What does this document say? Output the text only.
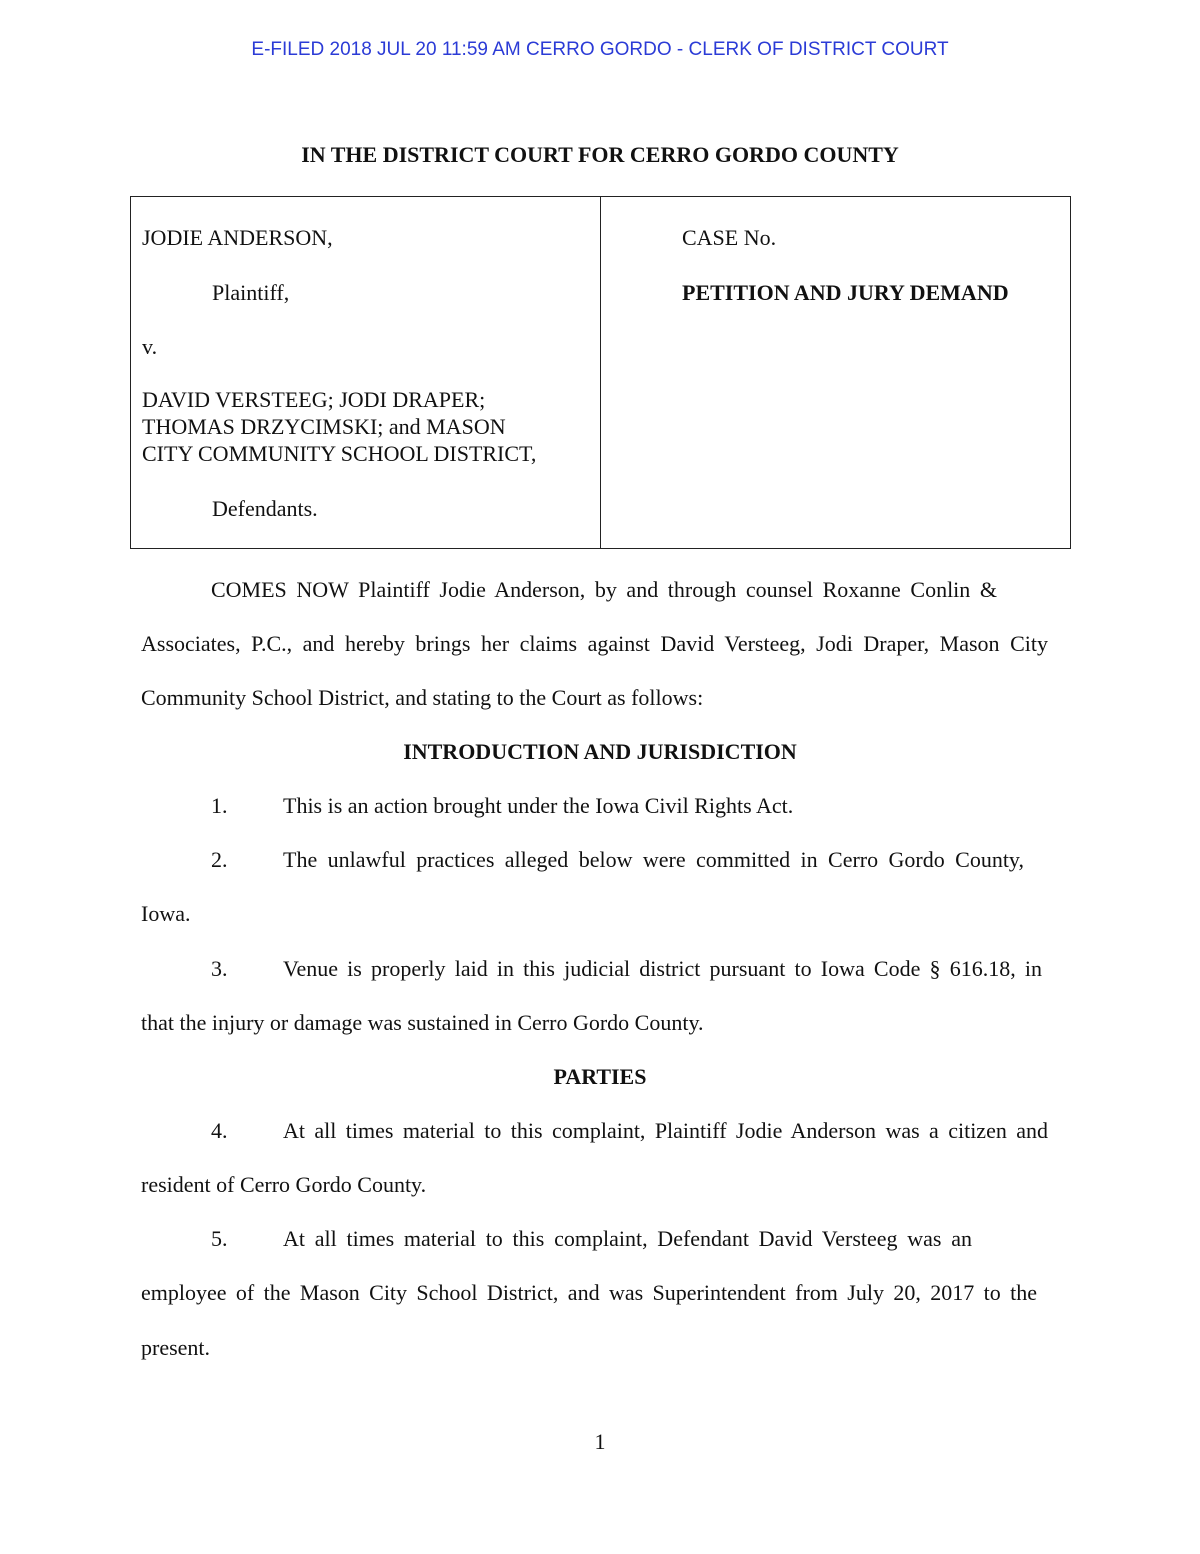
E-FILED 2018 JUL 20 11:59 AM CERRO GORDO - CLERK OF DISTRICT COURT
IN THE DISTRICT COURT FOR CERRO GORDO COUNTY
JODIE ANDERSON,
Plaintiff,
v.
DAVID VERSTEEG; JODI DRAPER;
THOMAS DRZYCIMSKI; and MASON
CITY COMMUNITY SCHOOL DISTRICT,
Defendants.
CASE No.
PETITION AND JURY DEMAND
COMES NOW Plaintiff Jodie Anderson, by and through counsel Roxanne Conlin &
Associates, P.C., and hereby brings her claims against David Versteeg, Jodi Draper, Mason City
Community School District, and stating to the Court as follows:
INTRODUCTION AND JURISDICTION
1.	This is an action brought under the Iowa Civil Rights Act.
2.	The unlawful practices alleged below were committed in Cerro Gordo County,
Iowa.
3.	Venue is properly laid in this judicial district pursuant to Iowa Code § 616.18, in
that the injury or damage was sustained in Cerro Gordo County.
PARTIES
4.	At all times material to this complaint, Plaintiff Jodie Anderson was a citizen and
resident of Cerro Gordo County.
5.	At all times material to this complaint, Defendant David Versteeg was an
employee of the Mason City School District, and was Superintendent from July 20, 2017 to the
present.
1
